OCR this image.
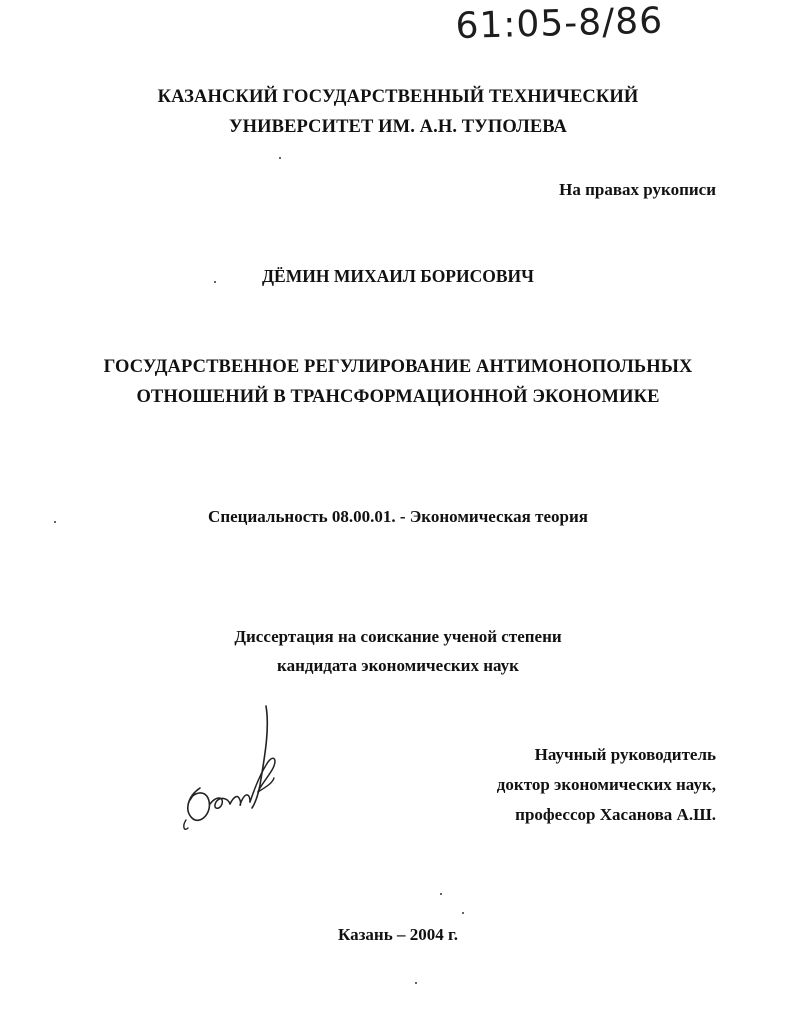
61:05-8/86
КАЗАНСКИЙ ГОСУДАРСТВЕННЫЙ ТЕХНИЧЕСКИЙ
УНИВЕРСИТЕТ ИМ. А.Н. ТУПОЛЕВА
На правах рукописи
ДЁМИН МИХАИЛ БОРИСОВИЧ
ГОСУДАРСТВЕННОЕ РЕГУЛИРОВАНИЕ АНТИМОНОПОЛЬНЫХ
ОТНОШЕНИЙ В ТРАНСФОРМАЦИОННОЙ ЭКОНОМИКЕ
Специальность 08.00.01. - Экономическая теория
Диссертация на соискание ученой степени
кандидата экономических наук
Научный руководитель
доктор экономических наук,
профессор Хасанова А.Ш.
Казань – 2004 г.
